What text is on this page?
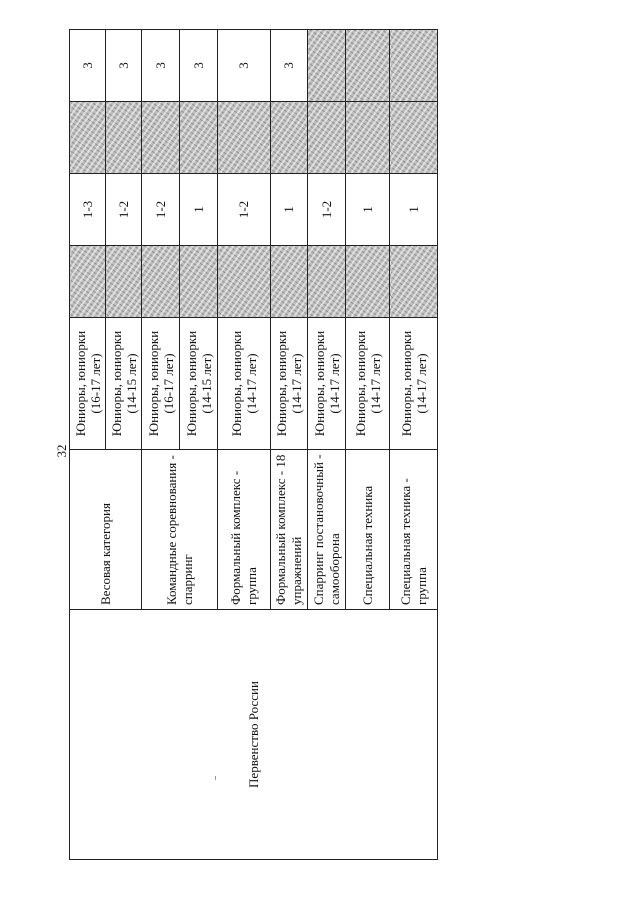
32
Первенство России	Весовая категория	Юниоры, юниорки
(16-17 лет)		1-3		3
		Юниоры, юниорки
(14-15 лет)		1-2		3
	Командные соревнования - спарринг	Юниоры, юниорки
(16-17 лет)		1-2		3
		Юниоры, юниорки
(14-15 лет)		1		3
	Формальный комплекс - группа	Юниоры, юниорки
(14-17 лет)		1-2		3
	Формальный комплекс - 18 упражнений	Юниоры, юниорки
(14-17 лет)		1		3
	Спарринг постановочный - самооборона	Юниоры, юниорки
(14-17 лет)		1-2		
	Специальная техника	Юниоры, юниорки
(14-17 лет)		1		
	Специальная техника - группа	Юниоры, юниорки
(14-17 лет)		1		
